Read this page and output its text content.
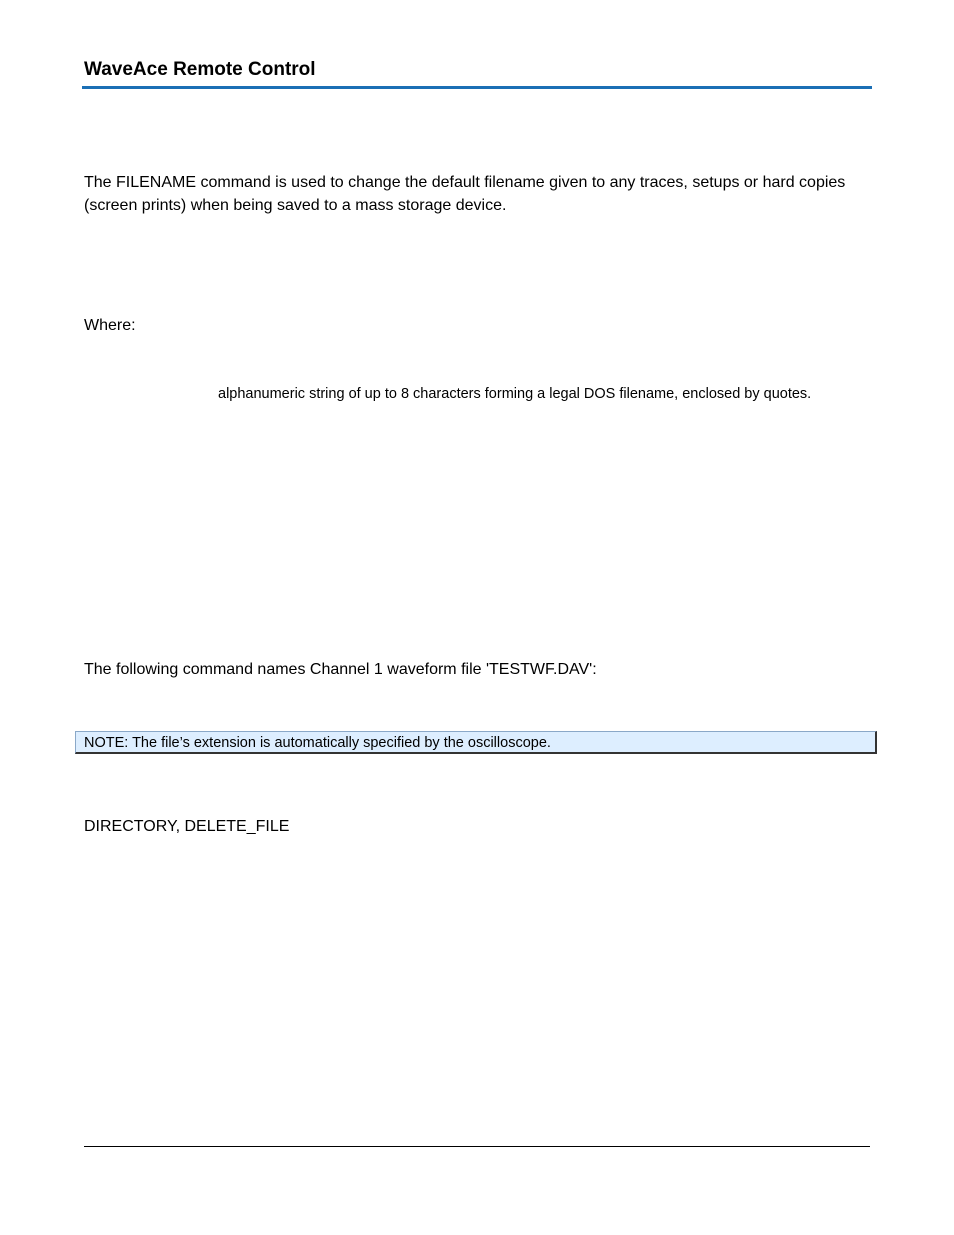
WaveAce Remote Control
The FILENAME command is used to change the default filename given to any traces, setups or hard copies (screen prints) when being saved to a mass storage device.
Where:
alphanumeric string of up to 8 characters forming a legal DOS filename, enclosed by quotes.
The following command names Channel 1 waveform file 'TESTWF.DAV':
NOTE: The file’s extension is automatically specified by the oscilloscope.
DIRECTORY, DELETE_FILE
